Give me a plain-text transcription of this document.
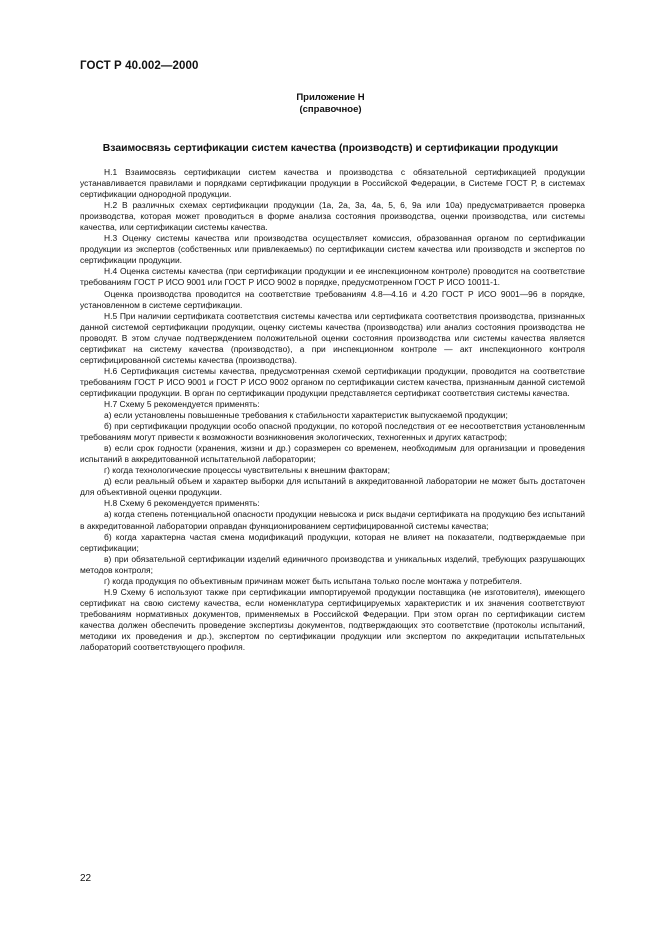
ГОСТ Р 40.002—2000
Приложение Н
(справочное)
Взаимосвязь сертификации систем качества (производств) и сертификации продукции

Н.1 Взаимосвязь сертификации систем качества и производства с обязательной сертификацией продукции устанавливается правилами и порядками сертификации продукции в Российской Федерации, в Системе ГОСТ Р, в системах сертификации однородной продукции.

Н.2 В различных схемах сертификации продукции (1а, 2а, 3а, 4а, 5, 6, 9а или 10а) предусматривается проверка производства, которая может проводиться в форме анализа состояния производства, оценки производства, или системы качества, или сертификации системы качества.

Н.3 Оценку системы качества или производства осуществляет комиссия, образованная органом по сертификации продукции из экспертов (собственных или привлекаемых) по сертификации систем качества или производств и экспертов по сертификации продукции.

Н.4 Оценка системы качества (при сертификации продукции и ее инспекционном контроле) проводится на соответствие требованиям ГОСТ Р ИСО 9001 или ГОСТ Р ИСО 9002 в порядке, предусмотренном ГОСТ Р ИСО 10011-1.

Оценка производства проводится на соответствие требованиям 4.8—4.16 и 4.20 ГОСТ Р ИСО 9001—96 в порядке, установленном в системе сертификации.

Н.5 При наличии сертификата соответствия системы качества или сертификата соответствия производства, признанных данной системой сертификации продукции, оценку системы качества (производства) или анализ состояния производства не проводят. В этом случае подтверждением положительной оценки состояния производства или системы качества является сертификат на систему качества (производство), а при инспекционном контроле — акт инспекционного контроля сертифицированной системы качества (производства).

Н.6 Сертификация системы качества, предусмотренная схемой сертификации продукции, проводится на соответствие требованиям ГОСТ Р ИСО 9001 и ГОСТ Р ИСО 9002 органом по сертификации систем качества, признанным данной системой сертификации продукции. В орган по сертификации продукции представляется сертификат соответствия системы качества.

Н.7 Схему 5 рекомендуется применять:

а) если установлены повышенные требования к стабильности характеристик выпускаемой продукции;

б) при сертификации продукции особо опасной продукции, по которой последствия от ее несоответствия установленным требованиям могут привести к возможности возникновения экологических, техногенных и других катастроф;

в) если срок годности (хранения, жизни и др.) соразмерен со временем, необходимым для организации и проведения испытаний в аккредитованной испытательной лаборатории;

г) когда технологические процессы чувствительны к внешним факторам;

д) если реальный объем и характер выборки для испытаний в аккредитованной лаборатории не может быть достаточен для объективной оценки продукции.

Н.8 Схему 6 рекомендуется применять:

а) когда степень потенциальной опасности продукции невысока и риск выдачи сертификата на продукцию без испытаний в аккредитованной лаборатории оправдан функционированием сертифицированной системы качества;

б) когда характерна частая смена модификаций продукции, которая не влияет на показатели, подтверждаемые при сертификации;

в) при обязательной сертификации изделий единичного производства и уникальных изделий, требующих разрушающих методов контроля;

г) когда продукция по объективным причинам может быть испытана только после монтажа у потребителя.

Н.9 Схему 6 используют также при сертификации импортируемой продукции поставщика (не изготовителя), имеющего сертификат на свою систему качества, если номенклатура сертифицируемых характеристик и их значения соответствуют требованиям нормативных документов, применяемых в Российской Федерации. При этом орган по сертификации систем качества должен обеспечить проведение экспертизы документов, подтверждающих это соответствие (протоколы испытаний, методики их проведения и др.), экспертом по сертификации продукции или экспертом по аккредитации испытательных лабораторий соответствующего профиля.

22
